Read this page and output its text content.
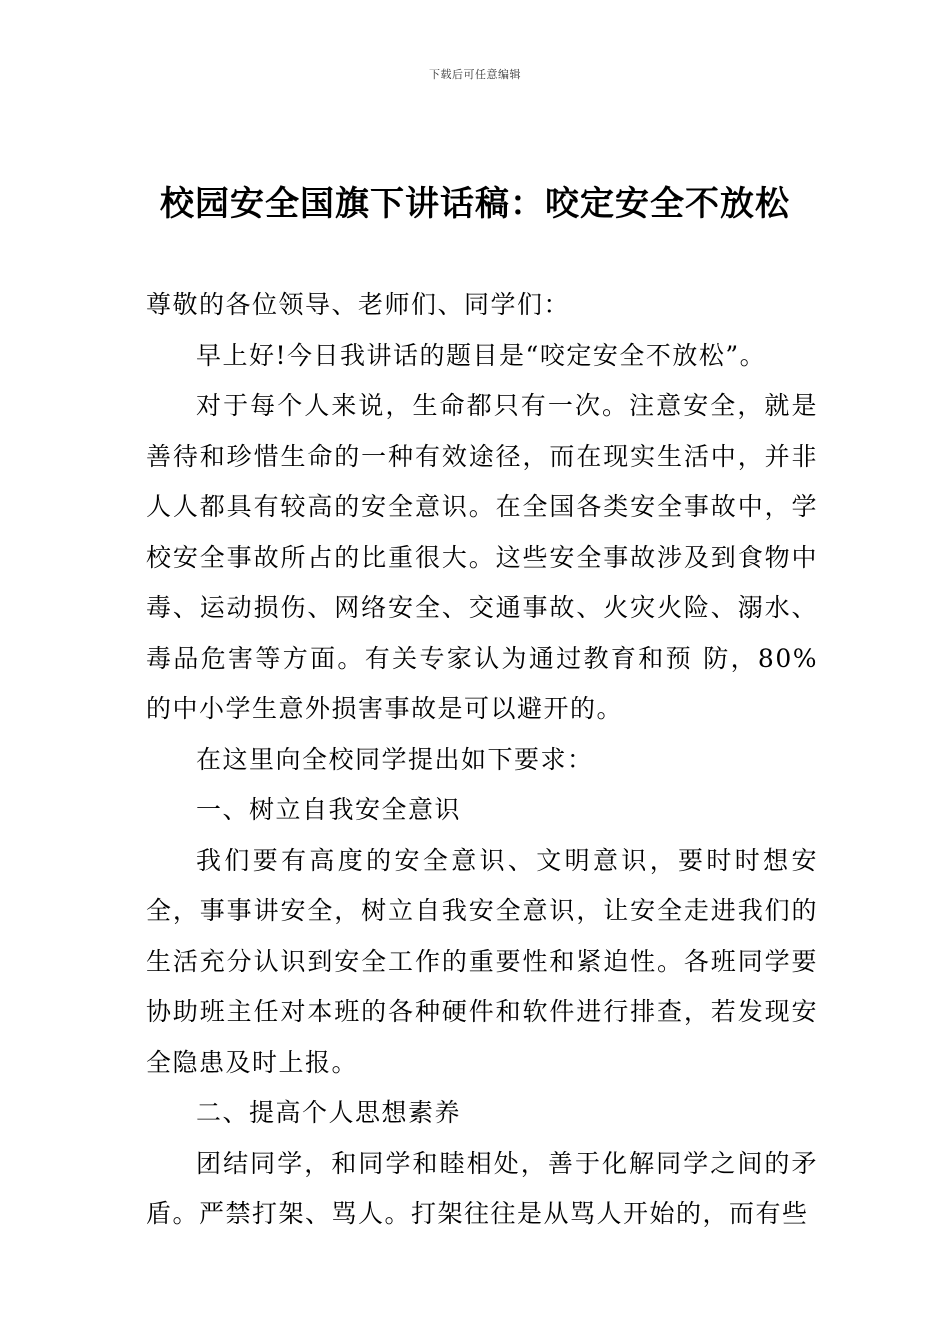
下载后可任意编辑
校园安全国旗下讲话稿：咬定安全不放松

尊敬的各位领导、老师们、同学们：

早上好!今日我讲话的题目是“咬定安全不放松”。

对于每个人来说，生命都只有一次。注意安全，就是善待和珍惜生命的一种有效途径，而在现实生活中，并非人人都具有较高的安全意识。在全国各类安全事故中，学校安全事故所占的比重很大。这些安全事故涉及到食物中毒、运动损伤、网络安全、交通事故、火灾火险、溺水、毒品危害等方面。有关专家认为通过教育和预 防，80%的中小学生意外损害事故是可以避开的。

在这里向全校同学提出如下要求：

一、树立自我安全意识

我们要有高度的安全意识、文明意识，要时时想安全，事事讲安全，树立自我安全意识，让安全走进我们的生活充分认识到安全工作的重要性和紧迫性。各班同学要协助班主任对本班的各种硬件和软件进行排查，若发现安全隐患及时上报。

二、提高个人思想素养

团结同学，和同学和睦相处，善于化解同学之间的矛盾。严禁打架、骂人。打架往往是从骂人开始的，而有些
